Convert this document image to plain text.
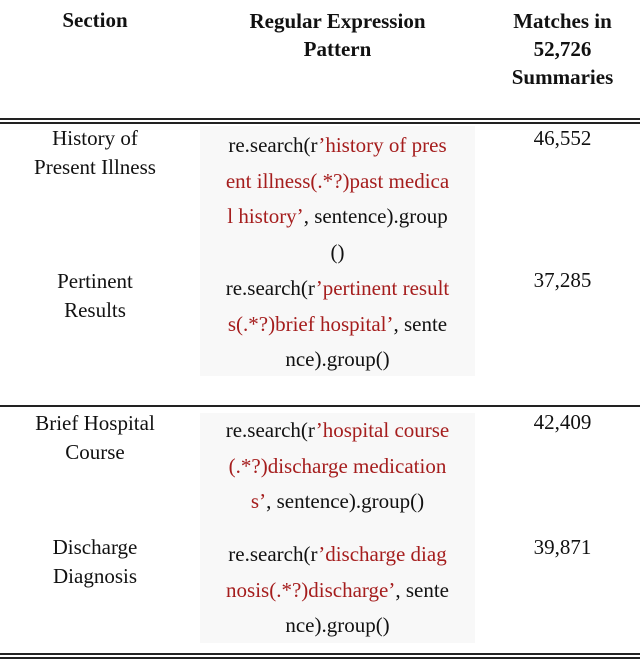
Section	Regular Expression
Pattern
Matches in
52,726
Summaries
History of
Present Illness
re.search(r’history of pres
ent illness(.*?)past medica
l history’, sentence).group
()
46,552
Pertinent
Results
re.search(r’pertinent result
s(.*?)brief hospital’, sente
nce).group()
37,285
Brief Hospital
Course
re.search(r’hospital course
(.*?)discharge medication
s’, sentence).group()
42,409
Discharge
Diagnosis
re.search(r’discharge diag
nosis(.*?)discharge’, sente
nce).group()
39,871
